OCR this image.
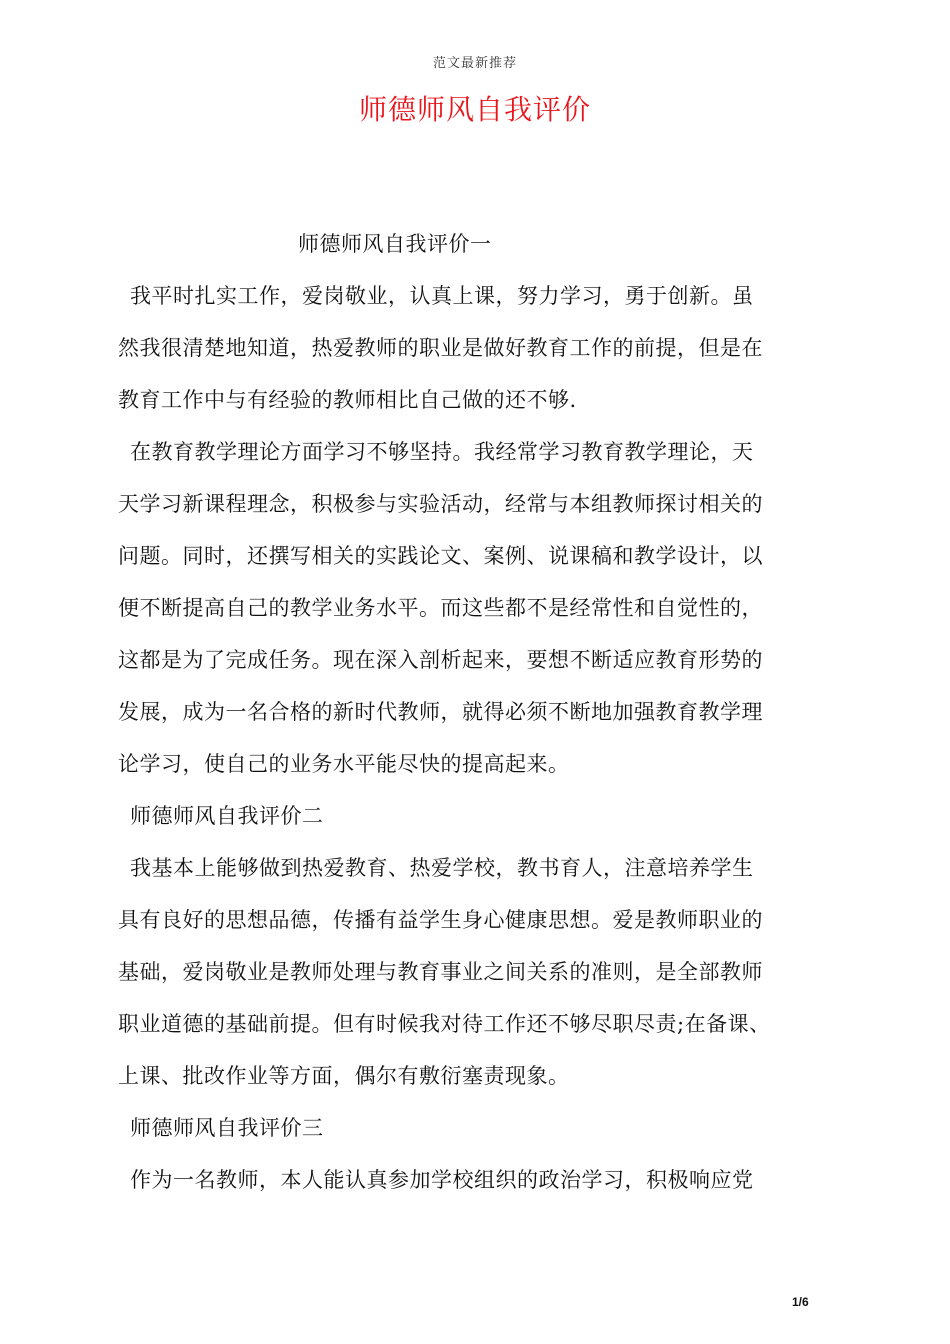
范文最新推荐
师德师风自我评价
师德师风自我评价一
我平时扎实工作，爱岗敬业，认真上课，努力学习，勇于创新。虽
然我很清楚地知道，热爱教师的职业是做好教育工作的前提，但是在
教育工作中与有经验的教师相比自己做的还不够.
在教育教学理论方面学习不够坚持。我经常学习教育教学理论，天
天学习新课程理念，积极参与实验活动，经常与本组教师探讨相关的
问题。同时，还撰写相关的实践论文、案例、说课稿和教学设计，以
便不断提高自己的教学业务水平。而这些都不是经常性和自觉性的，
这都是为了完成任务。现在深入剖析起来，要想不断适应教育形势的
发展，成为一名合格的新时代教师，就得必须不断地加强教育教学理
论学习，使自己的业务水平能尽快的提高起来。
师德师风自我评价二
我基本上能够做到热爱教育、热爱学校，教书育人，注意培养学生
具有良好的思想品德，传播有益学生身心健康思想。爱是教师职业的
基础，爱岗敬业是教师处理与教育事业之间关系的准则，是全部教师
职业道德的基础前提。但有时候我对待工作还不够尽职尽责;在备课、
上课、批改作业等方面，偶尔有敷衍塞责现象。
师德师风自我评价三
作为一名教师，本人能认真参加学校组织的政治学习，积极响应党
1/6
